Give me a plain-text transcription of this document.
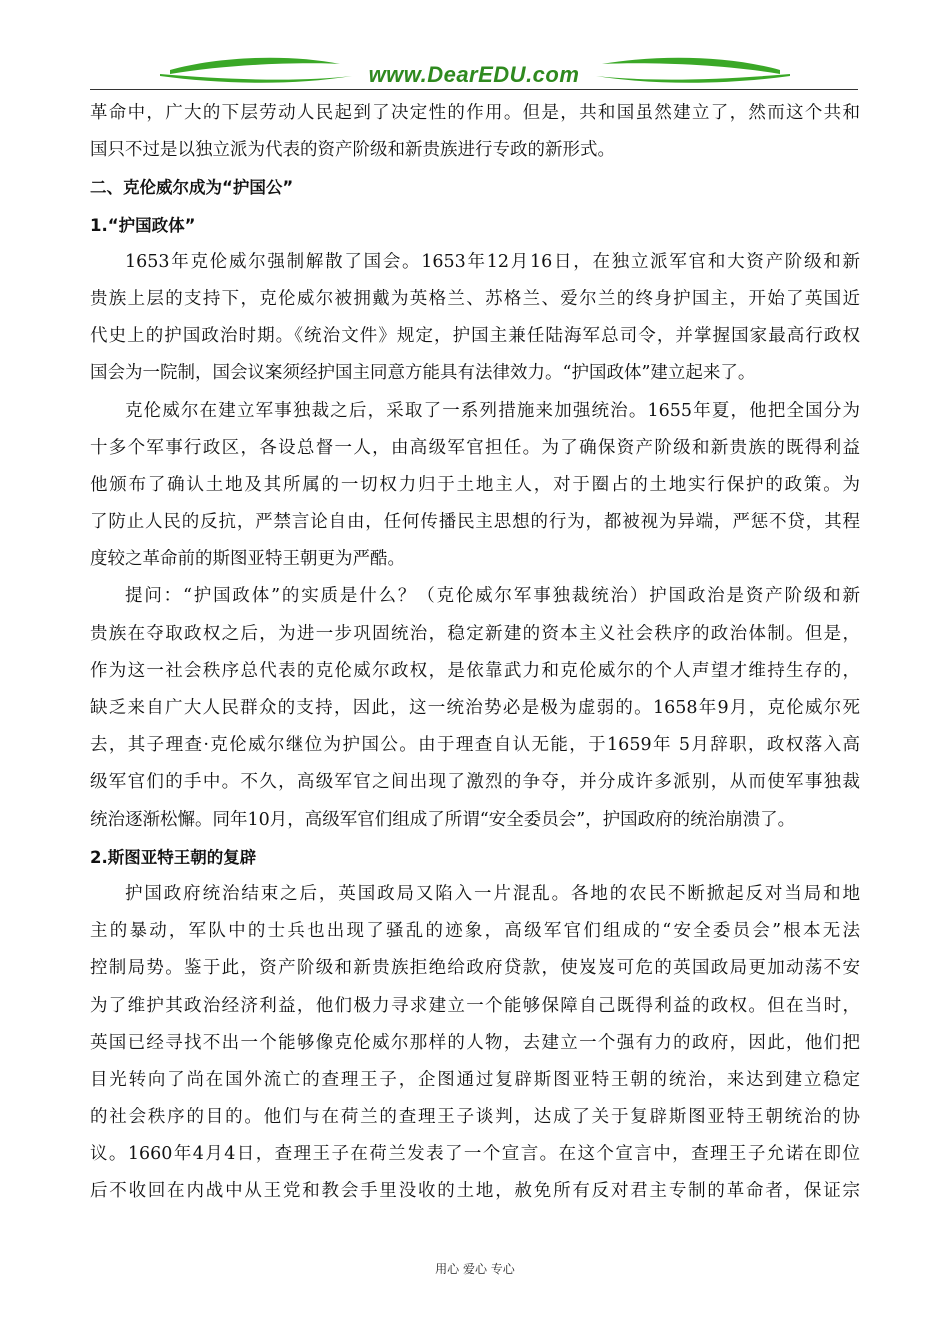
www.DearEDU.com
革命中，广大的下层劳动人民起到了决定性的作用。但是，共和国虽然建立了，然而这个共和
国只不过是以独立派为代表的资产阶级和新贵族进行专政的新形式。
二、克伦威尔成为“护国公”
1.“护国政体”
1653年克伦威尔强制解散了国会。1653年12月16日，在独立派军官和大资产阶级和新
贵族上层的支持下，克伦威尔被拥戴为英格兰、苏格兰、爱尔兰的终身护国主，开始了英国近
代史上的护国政治时期。《统治文件》规定，护国主兼任陆海军总司令，并掌握国家最高行政权
国会为一院制，国会议案须经护国主同意方能具有法律效力。“护国政体”建立起来了。
克伦威尔在建立军事独裁之后，采取了一系列措施来加强统治。1655年夏，他把全国分为
十多个军事行政区，各设总督一人，由高级军官担任。为了确保资产阶级和新贵族的既得利益
他颁布了确认土地及其所属的一切权力归于土地主人，对于圈占的土地实行保护的政策。为
了防止人民的反抗，严禁言论自由，任何传播民主思想的行为，都被视为异端，严惩不贷，其程
度较之革命前的斯图亚特王朝更为严酷。
提问：“护国政体”的实质是什么？（克伦威尔军事独裁统治）护国政治是资产阶级和新
贵族在夺取政权之后，为进一步巩固统治，稳定新建的资本主义社会秩序的政治体制。但是，
作为这一社会秩序总代表的克伦威尔政权，是依靠武力和克伦威尔的个人声望才维持生存的，
缺乏来自广大人民群众的支持，因此，这一统治势必是极为虚弱的。1658年9月，克伦威尔死
去，其子理查·克伦威尔继位为护国公。由于理查自认无能，于1659年 5月辞职，政权落入高
级军官们的手中。不久，高级军官之间出现了激烈的争夺，并分成许多派别，从而使军事独裁
统治逐渐松懈。同年10月，高级军官们组成了所谓“安全委员会”，护国政府的统治崩溃了。
2.斯图亚特王朝的复辟
护国政府统治结束之后，英国政局又陷入一片混乱。各地的农民不断掀起反对当局和地
主的暴动，军队中的士兵也出现了骚乱的迹象，高级军官们组成的“安全委员会”根本无法
控制局势。鉴于此，资产阶级和新贵族拒绝给政府贷款，使岌岌可危的英国政局更加动荡不安
为了维护其政治经济利益，他们极力寻求建立一个能够保障自己既得利益的政权。但在当时，
英国已经寻找不出一个能够像克伦威尔那样的人物，去建立一个强有力的政府，因此，他们把
目光转向了尚在国外流亡的查理王子，企图通过复辟斯图亚特王朝的统治，来达到建立稳定
的社会秩序的目的。他们与在荷兰的查理王子谈判，达成了关于复辟斯图亚特王朝统治的协
议。1660年4月4日，查理王子在荷兰发表了一个宣言。在这个宣言中，查理王子允诺在即位
后不收回在内战中从王党和教会手里没收的土地，赦免所有反对君主专制的革命者，保证宗
用心 爱心 专心
